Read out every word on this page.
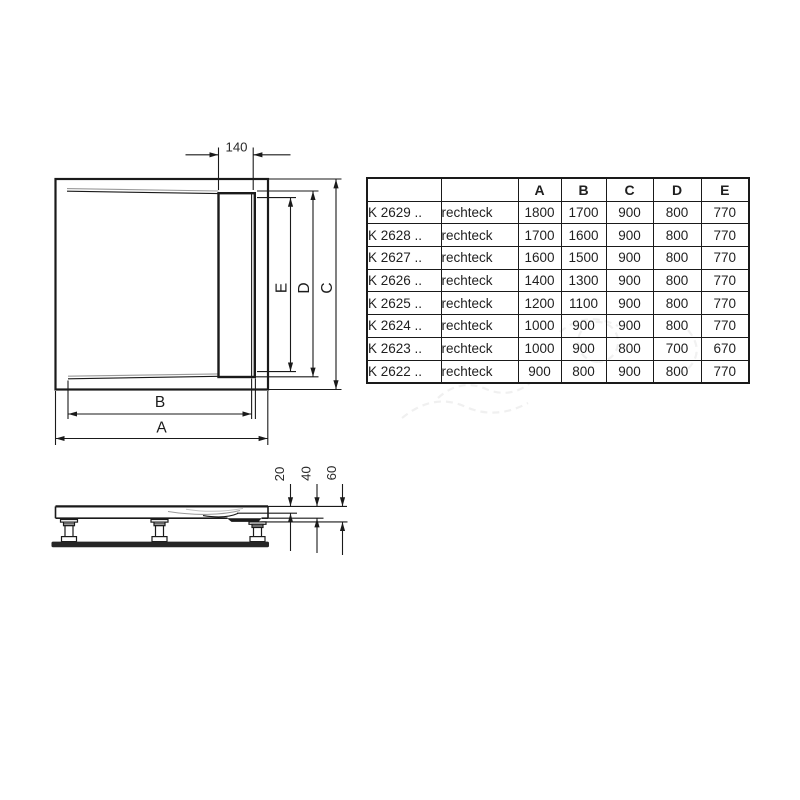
140
E D C
B
A
20 40 60
		A	B	C	D	E
K 2629 ..	rechteck	1800	1700	900	800	770
K 2628 ..	rechteck	1700	1600	900	800	770
K 2627 ..	rechteck	1600	1500	900	800	770
K 2626 ..	rechteck	1400	1300	900	800	770
K 2625 ..	rechteck	1200	1100	900	800	770
K 2624 ..	rechteck	1000	900	900	800	770
K 2623 ..	rechteck	1000	900	800	700	670
K 2622 ..	rechteck	900	800	900	800	770
